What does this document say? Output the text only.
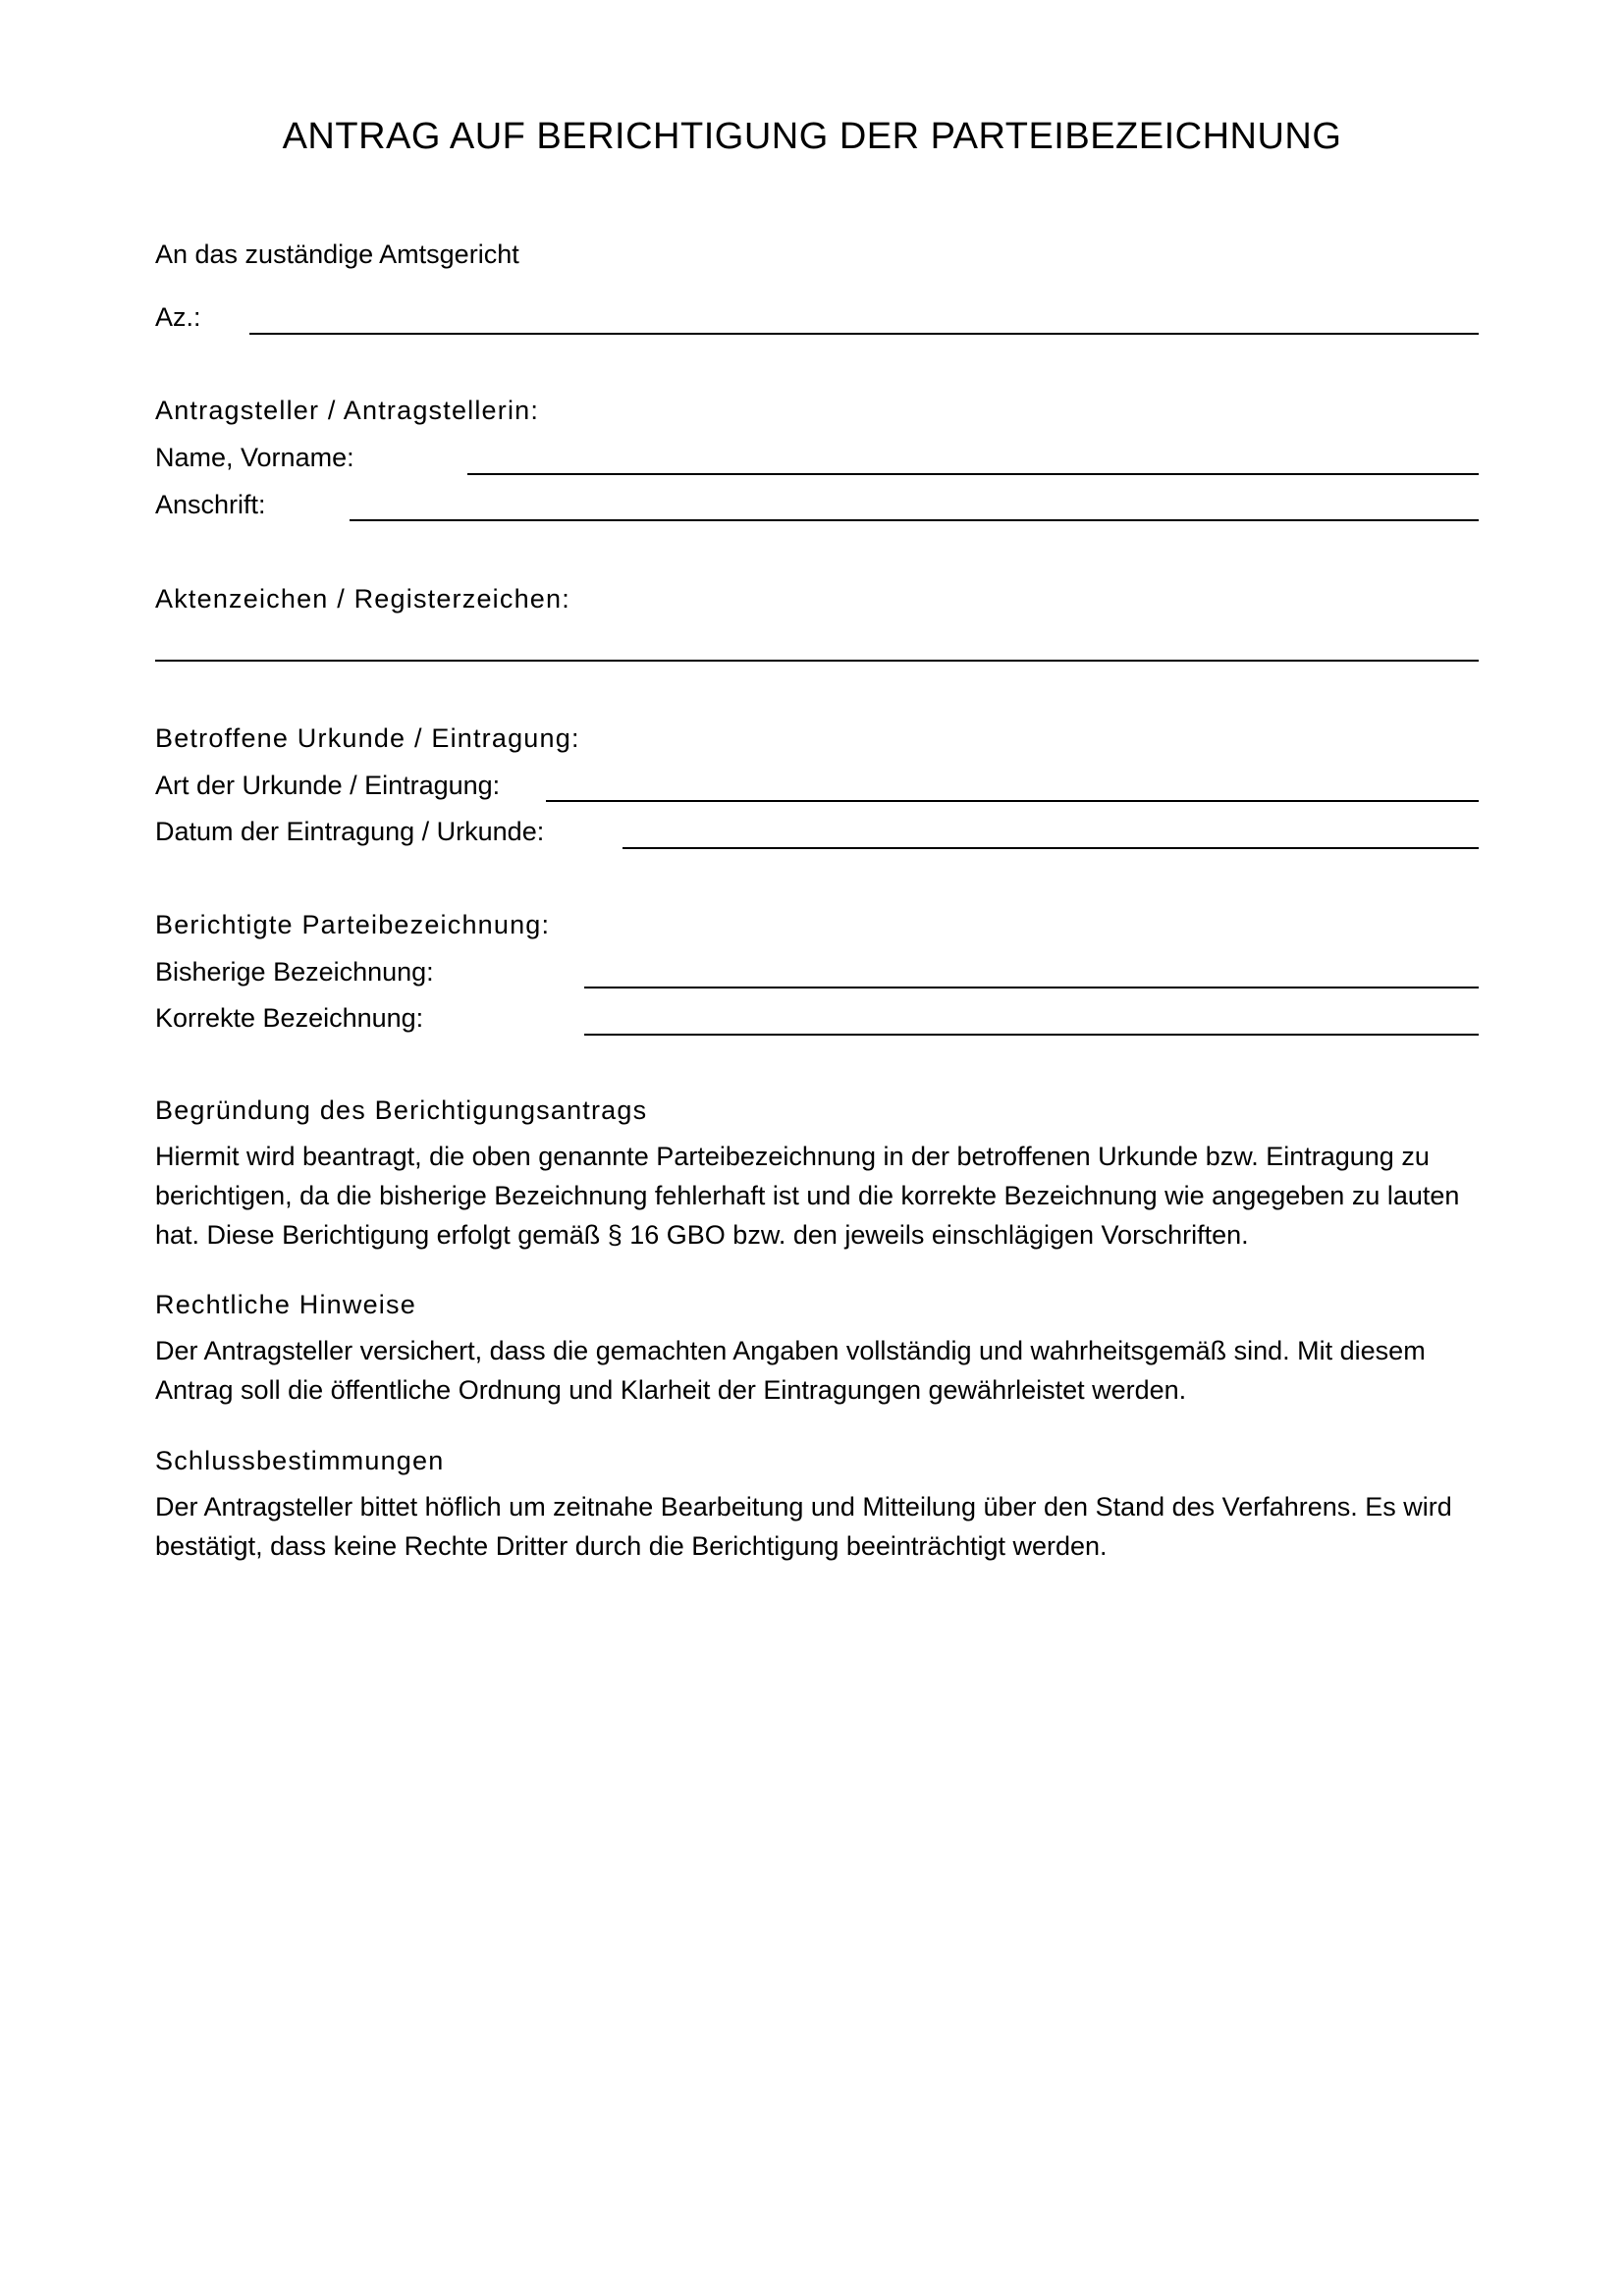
ANTRAG AUF BERICHTIGUNG DER PARTEIBEZEICHNUNG
An das zuständige Amtsgericht
Az.:
Antragsteller / Antragstellerin:
Name, Vorname:
Anschrift:
Aktenzeichen / Registerzeichen:
Betroffene Urkunde / Eintragung:
Art der Urkunde / Eintragung:
Datum der Eintragung / Urkunde:
Berichtigte Parteibezeichnung:
Bisherige Bezeichnung:
Korrekte Bezeichnung:
Begründung des Berichtigungsantrags
Hiermit wird beantragt, die oben genannte Parteibezeichnung in der betroffenen Urkunde bzw. Eintragung zu berichtigen, da die bisherige Bezeichnung fehlerhaft ist und die korrekte Bezeichnung wie angegeben zu lauten hat. Diese Berichtigung erfolgt gemäß § 16 GBO bzw. den jeweils einschlägigen Vorschriften.
Rechtliche Hinweise
Der Antragsteller versichert, dass die gemachten Angaben vollständig und wahrheitsgemäß sind. Mit diesem Antrag soll die öffentliche Ordnung und Klarheit der Eintragungen gewährleistet werden.
Schlussbestimmungen
Der Antragsteller bittet höflich um zeitnahe Bearbeitung und Mitteilung über den Stand des Verfahrens. Es wird bestätigt, dass keine Rechte Dritter durch die Berichtigung beeinträchtigt werden.
